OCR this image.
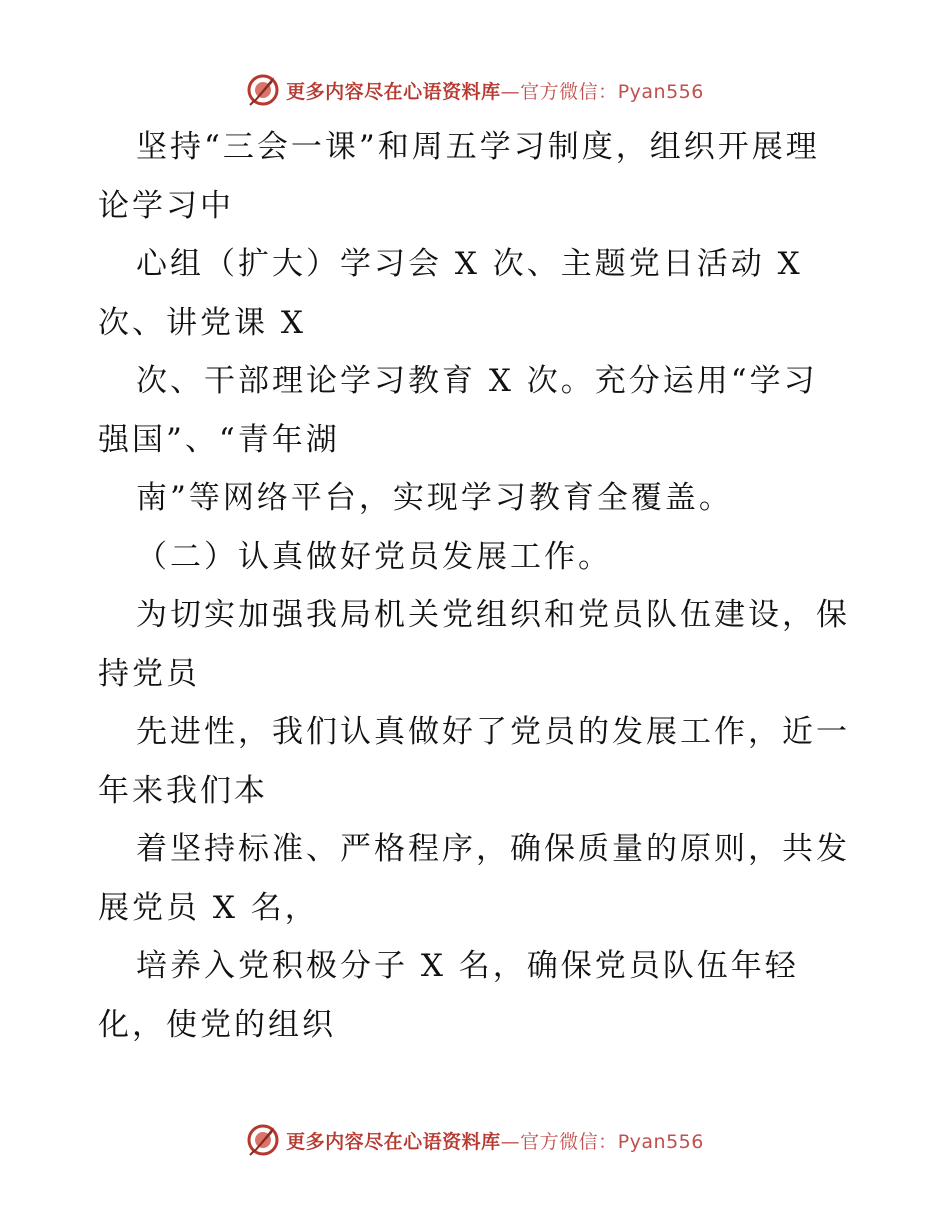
更多内容尽在心语资料库—官方微信：Pyan556
坚持“三会一课”和周五学习制度，组织开展理
论学习中
心组（扩大）学习会 X 次、主题党日活动 X
次、讲党课 X
次、干部理论学习教育 X 次。充分运用“学习
强国”、“青年湖
南”等网络平台，实现学习教育全覆盖。
（二）认真做好党员发展工作。
为切实加强我局机关党组织和党员队伍建设，保
持党员
先进性，我们认真做好了党员的发展工作，近一
年来我们本
着坚持标准、严格程序，确保质量的原则，共发
展党员 X 名，
培养入党积极分子 X 名，确保党员队伍年轻
化，使党的组织
更多内容尽在心语资料库—官方微信：Pyan556
